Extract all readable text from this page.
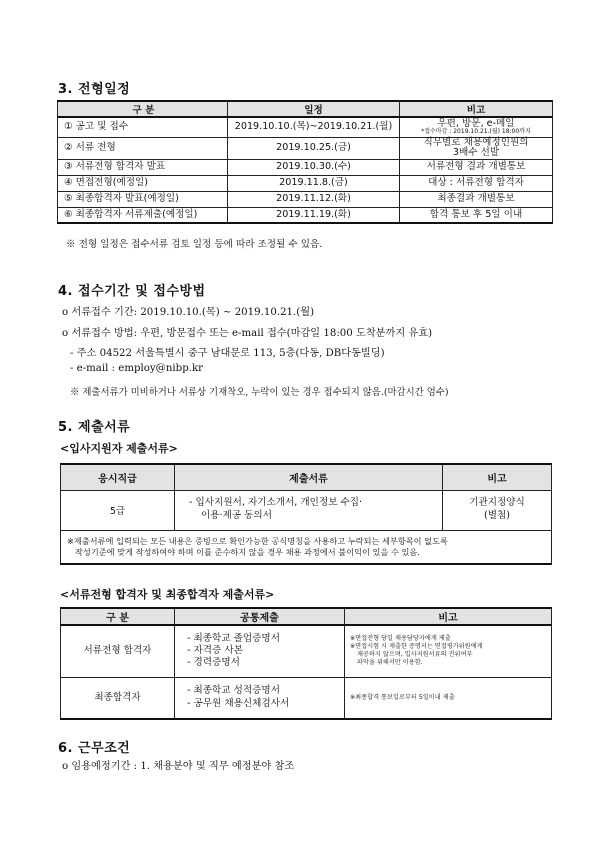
3. 전형일정
구 분	일정	비고
① 공고 및 접수	2019.10.10.(목)~2019.10.21.(월)	우편, 방문, e-메일
*접수마감 : 2019.10.21.(월) 18:00까지

② 서류 전형	2019.10.25.(금)	직무별로 채용예정인원의
3배수 선발

③ 서류전형 합격자 발표	2019.10.30.(수)	서류전형 결과 개별통보
④ 면접전형(예정일)	2019.11.8.(금)	대상 : 서류전형 합격자
⑤ 최종합격자 발표(예정일)	2019.11.12.(화)	최종결과 개별통보
⑥ 최종합격자 서류제출(예정일)	2019.11.19.(화)	합격 통보 후 5일 이내
※ 전형 일정은 접수서류 검토 일정 등에 따라 조정될 수 있음.
4. 접수기간 및 접수방법
o 서류접수 기간: 2019.10.10.(목) ~ 2019.10.21.(월)
o 서류접수 방법: 우편, 방문접수 또는 e-mail 접수(마감일 18:00 도착분까지 유효)
- 주소 04522 서울특별시 중구 남대문로 113, 5층(다동, DB다동빌딩)
- e-mail : employ@nibp.kr
※ 제출서류가 미비하거나 서류상 기재착오, 누락이 있는 경우 접수되지 않음.(마감시간 엄수)
5. 제출서류
<입사지원자 제출서류>
응시직급	제출서류	비고
5급	- 입사지원서, 자기소개서, 개인정보 수집·
이용·제공 동의서	기관지정양식
(별첨)

※제출서류에 입력되는 모든 내용은 증빙으로 확인가능한 공식명칭을 사용하고 누락되는 세부항목이 없도록
작성기준에 맞게 작성하여야 하며 이를 준수하지 않을 경우 채용 과정에서 불이익이 있을 수 있음.		
<서류전형 합격자 및 최종합격자 제출서류>
구 분	공통제출	비고
서류전형 합격자	- 최종학교 졸업증명서
- 자격증 사본
- 경력증명서	※면접전형 당일 채용담당자에게 제출
※면접시험 시 제출한 증명서는 면접평가위원에게
제공하지 않으며, 입사지원서류의 진위여부
파악을 위해서만 이용함.

최종합격자	- 최종학교 성적증명서
- 공무원 채용신체검사서	※최종합격 통보일로부터 5일이내 제출
6. 근무조건
o 임용예정기간 : 1. 채용분야 및 직무 예정분야 참조
